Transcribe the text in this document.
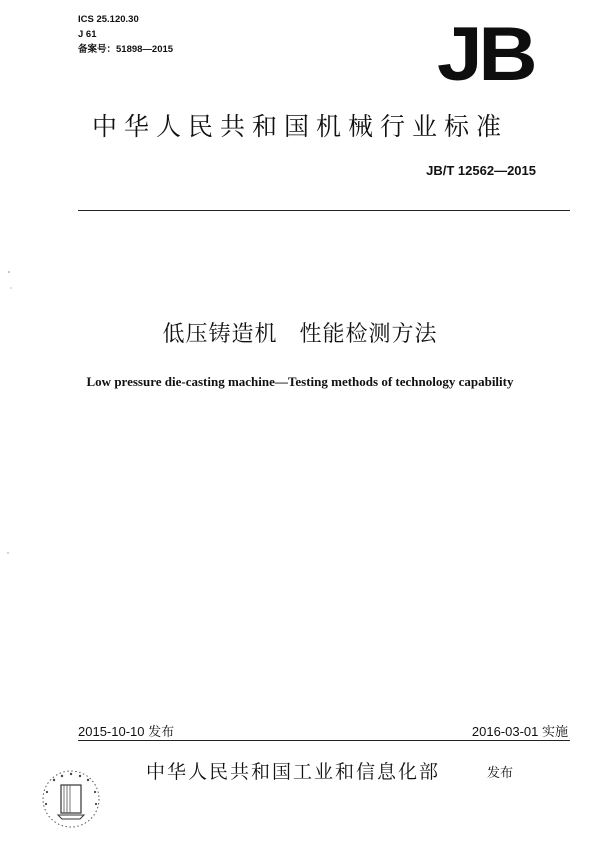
ICS 25.120.30
J 61
备案号：51898—2015	JB
中华人民共和国机械行业标准
JB/T 12562—2015
低压铸造机 性能检测方法
Low pressure die-casting machine—Testing methods of technology capability
2015-10-10 发布	2016-03-01 实施
中华人民共和国工业和信息化部	发布
